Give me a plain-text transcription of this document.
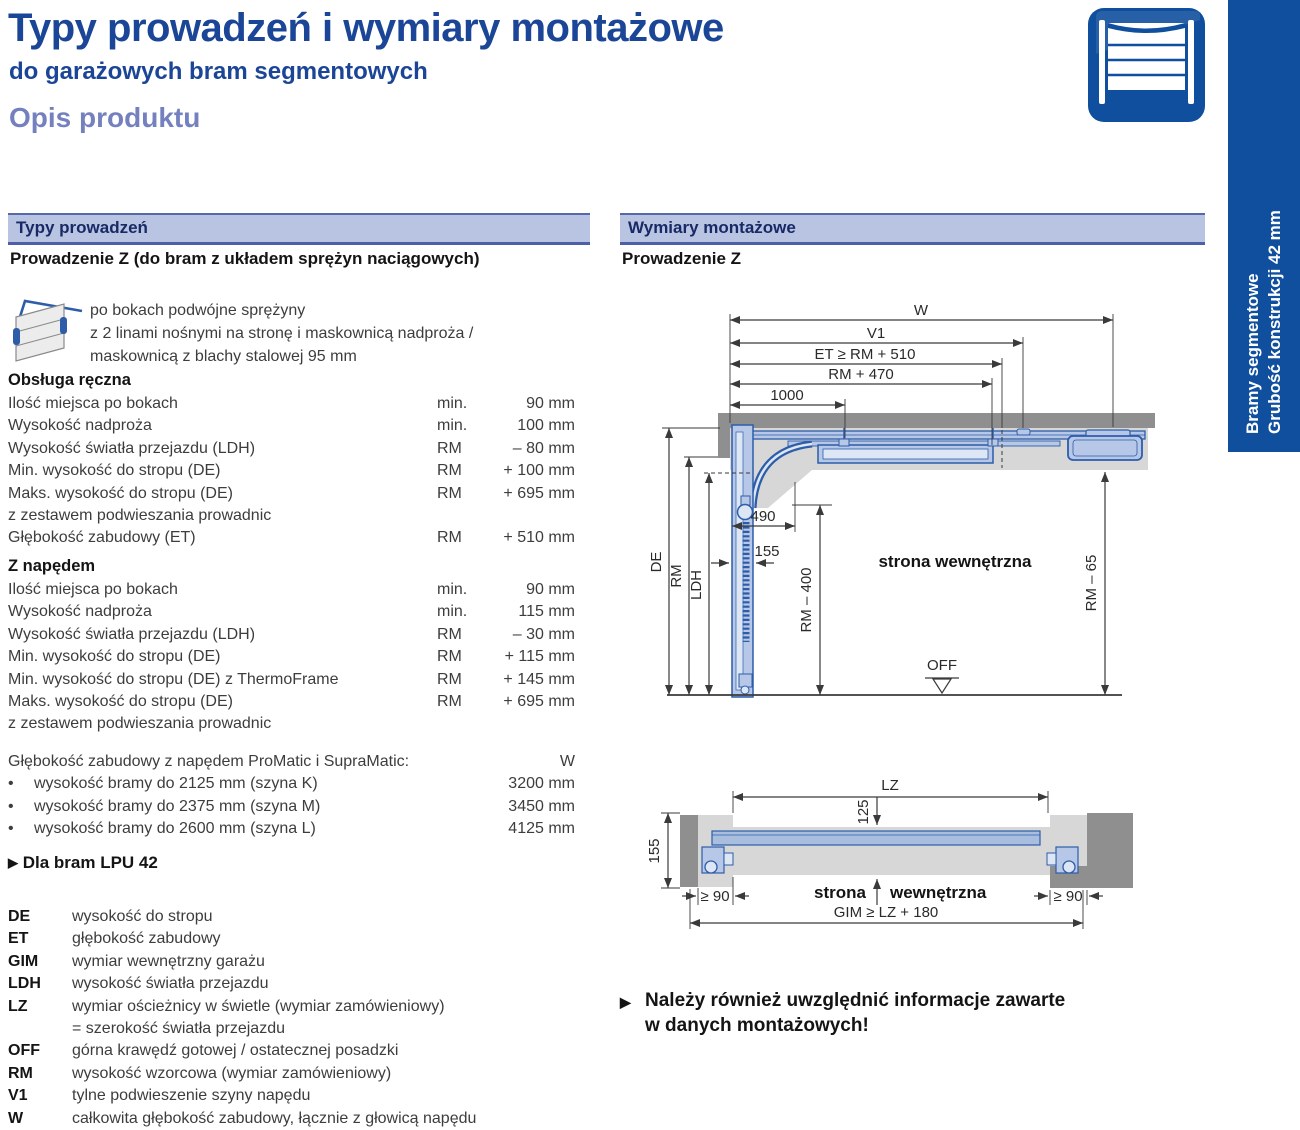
Typy prowadzeń i wymiary montażowe
do garażowych bram segmentowych
Opis produktu
Bramy segmentowe Grubość konstrukcji 42 mm
Typy prowadzeń
Prowadzenie Z (do bram z układem sprężyn naciągowych)
po bokach podwójne sprężyny
z 2 linami nośnymi na stronę i maskownicą nadproża /
maskownicą z blachy stalowej 95 mm
Obsługa ręczna
Ilość miejsca po bokach	min.	90 mm
Wysokość nadproża	min.	100 mm
Wysokość światła przejazdu (LDH)	RM	– 80 mm
Min. wysokość do stropu (DE)	RM	+ 100 mm
Maks. wysokość do stropu (DE)	RM	+ 695 mm
z zestawem podwieszania prowadnic
Głębokość zabudowy (ET)	RM	+ 510 mm
Z napędem
Ilość miejsca po bokach	min.	90 mm
Wysokość nadproża	min.	115 mm
Wysokość światła przejazdu (LDH)	RM	– 30 mm
Min. wysokość do stropu (DE)	RM	+ 115 mm
Min. wysokość do stropu (DE) z ThermoFrame	RM	+ 145 mm
Maks. wysokość do stropu (DE)	RM	+ 695 mm
z zestawem podwieszania prowadnic
Głębokość zabudowy z napędem ProMatic i SupraMatic:	W
•	wysokość bramy do 2125 mm (szyna K)	3200 mm
•	wysokość bramy do 2375 mm (szyna M)	3450 mm
•	wysokość bramy do 2600 mm (szyna L)	4125 mm
▶ Dla bram LPU 42
DE	wysokość do stropu
ET	głębokość zabudowy
GIM	wymiar wewnętrzny garażu
LDH	wysokość światła przejazdu
LZ	wymiar ościeżnicy w świetle (wymiar zamówieniowy)
= szerokość światła przejazdu
OFF	górna krawędź gotowej / ostatecznej posadzki
RM	wysokość wzorcowa (wymiar zamówieniowy)
V1	tylne podwieszenie szyny napędu
W	całkowita głębokość zabudowy, łącznie z głowicą napędu
Wymiary montażowe
Prowadzenie Z
W
V1
ET ≥ RM + 510
RM + 470
1000
490
155
DE
RM LDH	RM – 400	RM – 65
OFF
strona wewnętrzna
LZ
125
155
≥ 90	≥ 90
GIM ≥ LZ + 180
strona wewnętrzna
▶ Należy również uwzględnić informacje zawarte
w danych montażowych!
